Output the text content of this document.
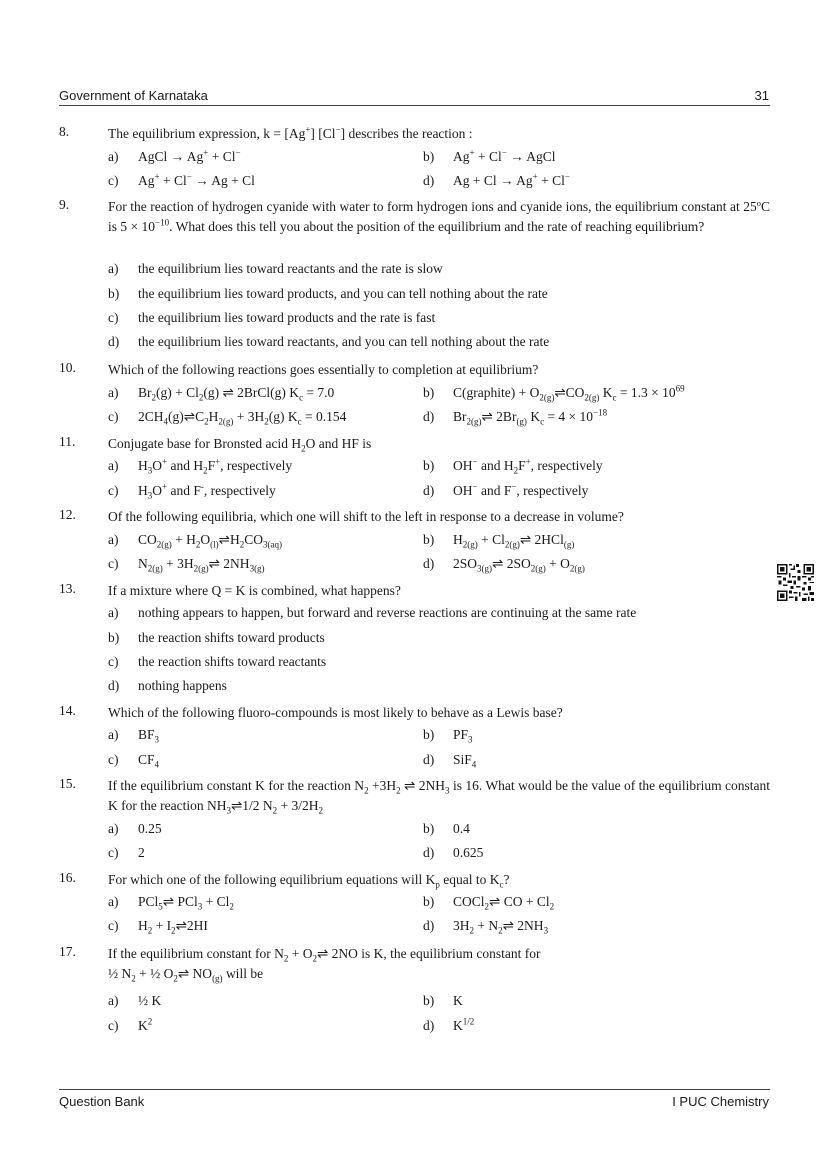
Government of Karnataka	31
8.	The equilibrium expression, k = [Ag+] [Cl−] describes the reaction :
a) AgCl → Ag+ + Cl−	b) Ag+ + Cl− → AgCl
c) Ag+ + Cl− → Ag + Cl	d) Ag + Cl → Ag+ + Cl−
9.	For the reaction of hydrogen cyanide with water to form hydrogen ions and cyanide ions, the equilibrium constant at 25ºC is $5 \times 10^{-10}$. What does this tell you about the position of the equilibrium and the rate of reaching equilibrium?
a) the equilibrium lies toward reactants and the rate is slow
b) the equilibrium lies toward products, and you can tell nothing about the rate
c) the equilibrium lies toward products and the rate is fast
d) the equilibrium lies toward reactants, and you can tell nothing about the rate
10. Which of the following reactions goes essentially to completion at equilibrium?
a) $Br_2(g) + Cl_2(g)$ ⇌ 2BrCl(g) $K_c = 7.0$	b) C(graphite) + $O_{2(g)}\rightleftharpoons CO_{2(g)}$ $K_c = 1.3 \times 10^{69}$
c) $2CH_4(g)\rightleftharpoons C_2H_{2(g)} + 3H_2(g) K_c = 0.154$	d) $Br_{2(g)}\rightleftharpoons$ $2Br_{(g)}$ $K_c = 4 \times 10^{-18}$
11. Conjugate base for Bronsted acid $H_2O$ and HF is
a) $H_3O^+$ and $H_2F^+$, respectively	b) OH− and $H_2F^+$, respectively
c) $H_3O^+$ and F-, respectively	d) OH− and F−, respectively
12. Of the following equilibria, which one will shift to the left in response to a decrease in volume?
a) $CO_{2(g)}$ + $H_2O_{(l)}\rightleftharpoons H_2CO_{3(aq)}$	b) $H_{2(g)}$ + $Cl_{2(g)}\rightleftharpoons$ 2HCl$_{(g)}$
c) $N_{2(g)}$ + $3H_{2(g)}\rightleftharpoons$ $2NH_{3(g)}$	d) $2SO_{3(g)}\rightleftharpoons$ $2SO_{2(g)} + O_{2(g)}$
13. If a mixture where Q = K is combined, what happens?
a) nothing appears to happen, but forward and reverse reactions are continuing at the same rate
b) the reaction shifts toward products
c) the reaction shifts toward reactants
d) nothing happens
14. Which of the following fluoro-compounds is most likely to behave as a Lewis base?
a) $BF_3$	b) $PF_3$
c) $CF_4$	d) SiF$_4$
15. If the equilibrium constant K for the reaction $N_2 +3H_2$ ⇌ $2NH_3$ is 16. What would be the value of the equilibrium constant K for the reaction $NH_3\rightleftharpoons 1/2$ $N_2 + 3/2H_2$
a) 0.25	b) 0.4
c) 2	d) 0.625
16. For which one of the following equilibrium equations will $K_p$ equal to $K_c$?
a) PCl$_5$⇌ $PCl_3 + Cl_2$	b) COCl$_2$⇌ CO + $Cl_2$
c) $H_2$ + $I_2\rightleftharpoons 2HI$	d) $3H_2$ + $N_2\rightleftharpoons$ $2NH_3$
17. If the equilibrium constant for $N_2$ + $O_2\rightleftharpoons$ 2NO is K, the equilibrium constant for
½ $N_2$ + ½ $O_2\rightleftharpoons$ $NO_{(g)}$ will be
a) ½ K	b) K
c) $K^2$	d) $K^{1/2}$
Question Bank	I PUC Chemistry
